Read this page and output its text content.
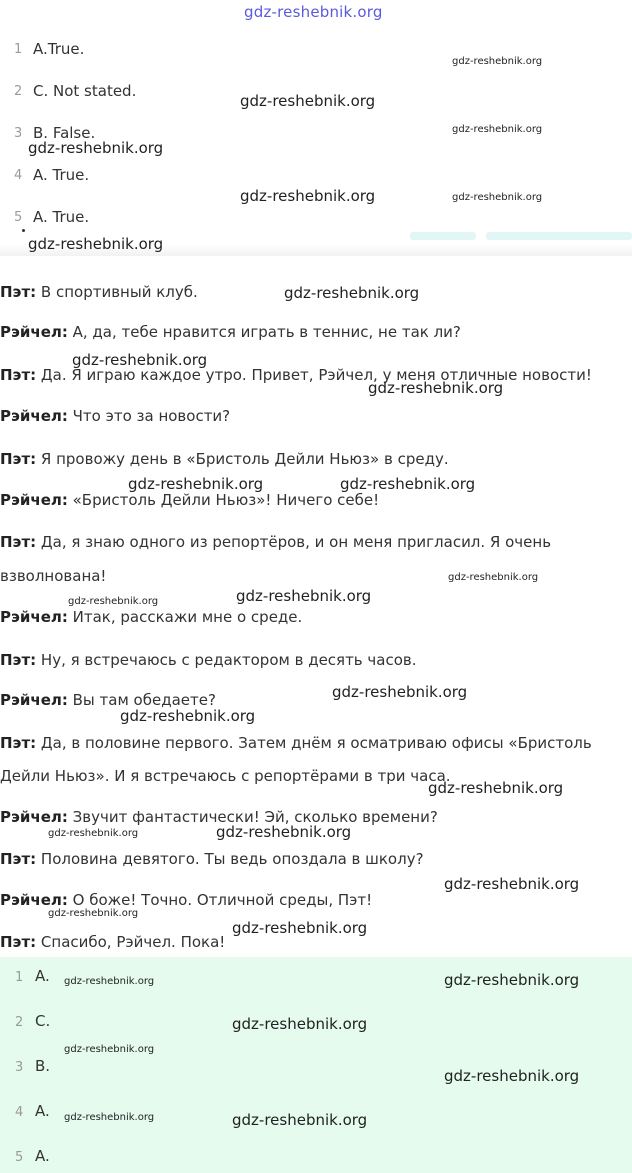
gdz-reshebnik.org
1 A.True.
2 C. Not stated.
3 B. False.
4 A. True.
5 A. True.
Пэт: В спортивный клуб.
Рэйчел: А, да, тебе нравится играть в теннис, не так ли?
Пэт: Да. Я играю каждое утро. Привет, Рэйчел, у меня отличные новости!
Рэйчел: Что это за новости?
Пэт: Я провожу день в «Бристоль Дейли Ньюз» в среду.
Рэйчел: «Бристоль Дейли Ньюз»! Ничего себе!
Пэт: Да, я знаю одного из репортёров, и он меня пригласил. Я очень
взволнована!
Рэйчел: Итак, расскажи мне о среде.
Пэт: Ну, я встречаюсь с редактором в десять часов.
Рэйчел: Вы там обедаете?
Пэт: Да, в половине первого. Затем днём я осматриваю офисы «Бристоль
Дейли Ньюз». И я встречаюсь с репортёрами в три часа.
Рэйчел: Звучит фантастически! Эй, сколько времени?
Пэт: Половина девятого. Ты ведь опоздала в школу?
Рэйчел: О боже! Точно. Отличной среды, Пэт!
Пэт: Спасибо, Рэйчел. Пока!
1 A.
2 C.
3 B.
4 A.
5 A.
gdz-reshebnik.org
gdz-reshebnik.org
gdz-reshebnik.org
gdz-reshebnik.org
gdz-reshebnik.org	gdz-reshebnik.org
gdz-reshebnik.org
gdz-reshebnik.org
gdz-reshebnik.org
gdz-reshebnik.org
gdz-reshebnik.org	gdz-reshebnik.org
gdz-reshebnik.org
gdz-reshebnik.org
gdz-reshebnik.org
gdz-reshebnik.org
gdz-reshebnik.org
gdz-reshebnik.org
gdz-reshebnik.org
gdz-reshebnik.org
gdz-reshebnik.org
gdz-reshebnik.org
gdz-reshebnik.org
gdz-reshebnik.org
gdz-reshebnik.org
gdz-reshebnik.org
gdz-reshebnik.org
gdz-reshebnik.org
gdz-reshebnik.org	gdz-reshebnik.org
